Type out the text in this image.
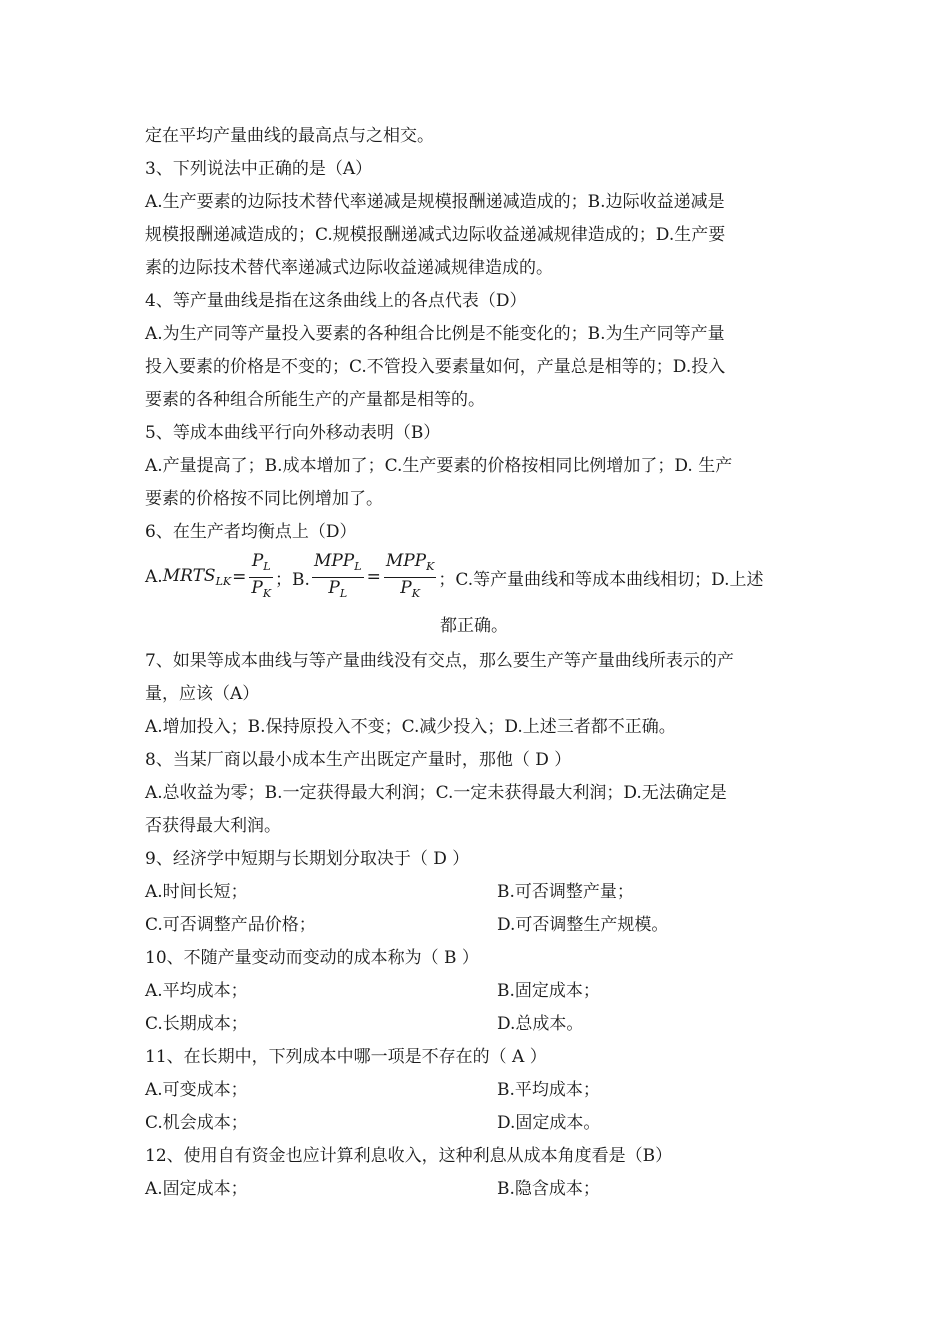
定在平均产量曲线的最高点与之相交。
3、下列说法中正确的是（A）
A.生产要素的边际技术替代率递减是规模报酬递减造成的；B.边际收益递减是
规模报酬递减造成的；C.规模报酬递减式边际收益递减规律造成的；D.生产要
素的边际技术替代率递减式边际收益递减规律造成的。
4、等产量曲线是指在这条曲线上的各点代表（D）
A.为生产同等产量投入要素的各种组合比例是不能变化的；B.为生产同等产量
投入要素的价格是不变的；C.不管投入要素量如何，产量总是相等的；D.投入
要素的各种组合所能生产的产量都是相等的。
5、等成本曲线平行向外移动表明（B）
A.产量提高了；B.成本增加了；C.生产要素的价格按相同比例增加了；D. 生产
要素的价格按不同比例增加了。
6、在生产者均衡点上（D）
A. $MRTS_{LK} = \frac{P_L}{P_K}$ ；B. $\frac{MPP_L}{P_L} = \frac{MPP_K}{P_K}$ ；C.等产量曲线和等成本曲线相切；D.上述
都正确。
7、如果等成本曲线与等产量曲线没有交点，那么要生产等产量曲线所表示的产
量，应该（A）
A.增加投入；B.保持原投入不变；C.减少投入；D.上述三者都不正确。
8、当某厂商以最小成本生产出既定产量时，那他（ D ）
A.总收益为零；B.一定获得最大利润；C.一定未获得最大利润；D.无法确定是
否获得最大利润。
9、经济学中短期与长期划分取决于（ D ）
A.时间长短；	B.可否调整产量；
C.可否调整产品价格；	D.可否调整生产规模。
10、不随产量变动而变动的成本称为（ B ）
A.平均成本；	B.固定成本；
C.长期成本；	D.总成本。
11、在长期中，下列成本中哪一项是不存在的（ A ）
A.可变成本；	B.平均成本；
C.机会成本；	D.固定成本。
12、使用自有资金也应计算利息收入，这种利息从成本角度看是（B）
A.固定成本；	B.隐含成本；
